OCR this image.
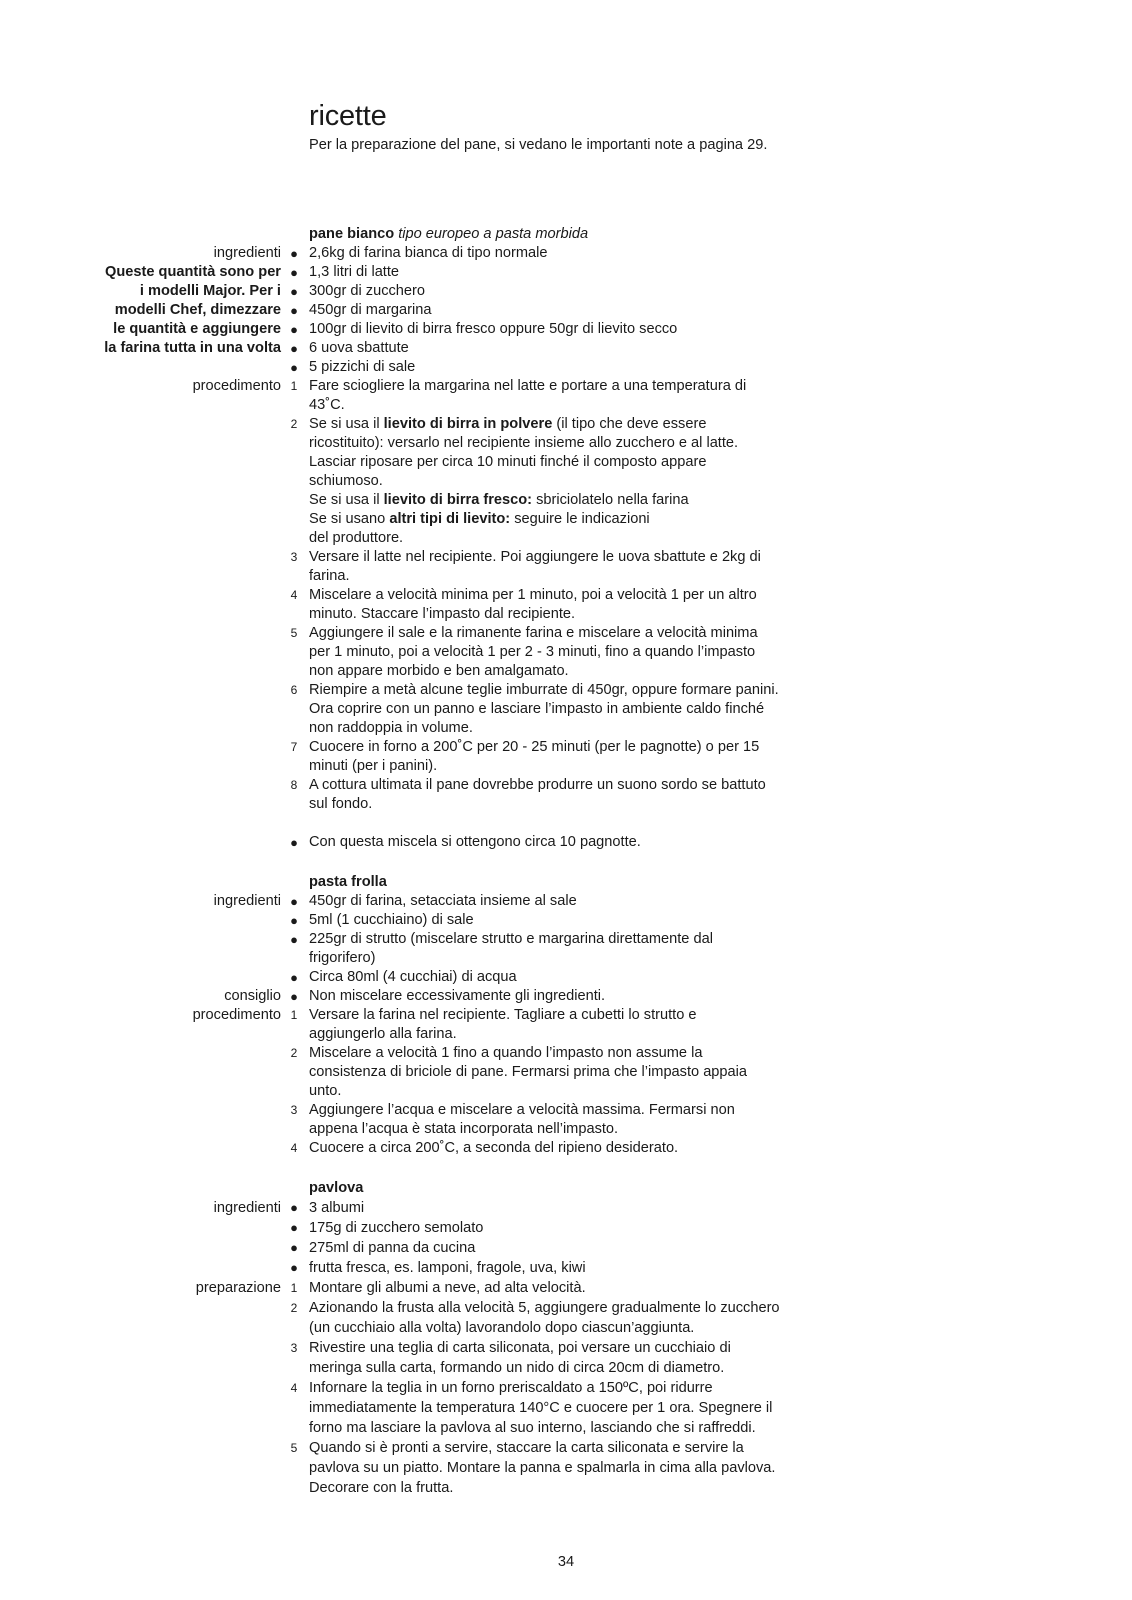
ricette

Per la preparazione del pane, si vedano le importanti note a pagina 29.

pane bianco tipo europeo a pasta morbida
ingredienti ● 2,6kg di farina bianca di tipo normale
Queste quantità sono per ● 1,3 litri di latte
i modelli Major. Per i ● 300gr di zucchero
modelli Chef, dimezzare ● 450gr di margarina
le quantità e aggiungere ● 100gr di lievito di birra fresco oppure 50gr di lievito secco
la farina tutta in una volta ● 6 uova sbattute
● 5 pizzichi di sale
procedimento 1 Fare sciogliere la margarina nel latte e portare a una temperatura di
43˚C.
2 Se si usa il lievito di birra in polvere (il tipo che deve essere
ricostituito): versarlo nel recipiente insieme allo zucchero e al latte.
Lasciar riposare per circa 10 minuti finché il composto appare
schiumoso.
Se si usa il lievito di birra fresco: sbriciolatelo nella farina
Se si usano altri tipi di lievito: seguire le indicazioni
del produttore.
3 Versare il latte nel recipiente. Poi aggiungere le uova sbattute e 2kg di
farina.
4 Miscelare a velocità minima per 1 minuto, poi a velocità 1 per un altro
minuto. Staccare l’impasto dal recipiente.
5 Aggiungere il sale e la rimanente farina e miscelare a velocità minima
per 1 minuto, poi a velocità 1 per 2 - 3 minuti, fino a quando l’impasto
non appare morbido e ben amalgamato.
6 Riempire a metà alcune teglie imburrate di 450gr, oppure formare panini.
Ora coprire con un panno e lasciare l’impasto in ambiente caldo finché
non raddoppia in volume.
7 Cuocere in forno a 200˚C per 20 - 25 minuti (per le pagnotte) o per 15
minuti (per i panini).
8 A cottura ultimata il pane dovrebbe produrre un suono sordo se battuto
sul fondo.
● Con questa miscela si ottengono circa 10 pagnotte.
pasta frolla
ingredienti ● 450gr di farina, setacciata insieme al sale
● 5ml (1 cucchiaino) di sale
● 225gr di strutto (miscelare strutto e margarina direttamente dal
frigorifero)
● Circa 80ml (4 cucchiai) di acqua
consiglio ● Non miscelare eccessivamente gli ingredienti.
procedimento 1 Versare la farina nel recipiente. Tagliare a cubetti lo strutto e
aggiungerlo alla farina.
2 Miscelare a velocità 1 fino a quando l’impasto non assume la
consistenza di briciole di pane. Fermarsi prima che l’impasto appaia
unto.
3 Aggiungere l’acqua e miscelare a velocità massima. Fermarsi non
appena l’acqua è stata incorporata nell’impasto.
4 Cuocere a circa 200˚C, a seconda del ripieno desiderato.
pavlova
ingredienti ● 3 albumi
● 175g di zucchero semolato
● 275ml di panna da cucina
● frutta fresca, es. lamponi, fragole, uva, kiwi
preparazione 1 Montare gli albumi a neve, ad alta velocità.
2 Azionando la frusta alla velocità 5, aggiungere gradualmente lo zucchero
(un cucchiaio alla volta) lavorandolo dopo ciascun’aggiunta.
3 Rivestire una teglia di carta siliconata, poi versare un cucchiaio di
meringa sulla carta, formando un nido di circa 20cm di diametro.
4 Infornare la teglia in un forno preriscaldato a 150ºC, poi ridurre
immediatamente la temperatura 140°C e cuocere per 1 ora. Spegnere il
forno ma lasciare la pavlova al suo interno, lasciando che si raffreddi.
5 Quando si è pronti a servire, staccare la carta siliconata e servire la
pavlova su un piatto. Montare la panna e spalmarla in cima alla pavlova.
Decorare con la frutta.
34
